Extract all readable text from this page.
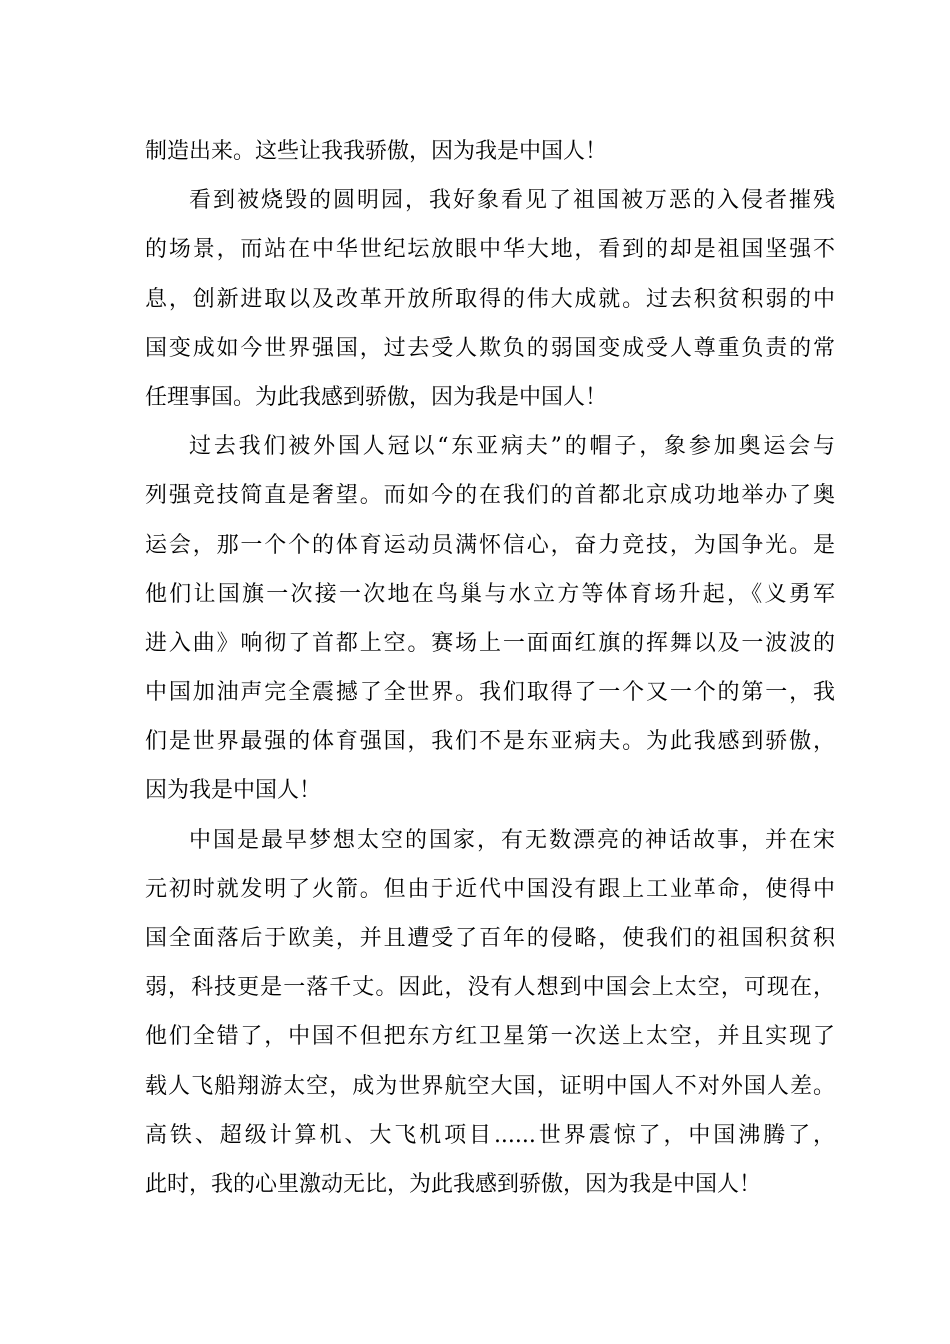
制造出来。这些让我我骄傲，因为我是中国人！
看到被烧毁的圆明园，我好象看见了祖国被万恶的入侵者摧残
的场景，而站在中华世纪坛放眼中华大地，看到的却是祖国坚强不
息，创新进取以及改革开放所取得的伟大成就。过去积贫积弱的中
国变成如今世界强国，过去受人欺负的弱国变成受人尊重负责的常
任理事国。为此我感到骄傲，因为我是中国人！
过去我们被外国人冠以“东亚病夫”的帽子，象参加奥运会与
列强竞技简直是奢望。而如今的在我们的首都北京成功地举办了奥
运会，那一个个的体育运动员满怀信心，奋力竞技，为国争光。是
他们让国旗一次接一次地在鸟巢与水立方等体育场升起，《义勇军
进入曲》响彻了首都上空。赛场上一面面红旗的挥舞以及一波波的
中国加油声完全震撼了全世界。我们取得了一个又一个的第一，我
们是世界最强的体育强国，我们不是东亚病夫。为此我感到骄傲，
因为我是中国人！
中国是最早梦想太空的国家，有无数漂亮的神话故事，并在宋
元初时就发明了火箭。但由于近代中国没有跟上工业革命，使得中
国全面落后于欧美，并且遭受了百年的侵略，使我们的祖国积贫积
弱，科技更是一落千丈。因此，没有人想到中国会上太空，可现在，
他们全错了，中国不但把东方红卫星第一次送上太空，并且实现了
载人飞船翔游太空，成为世界航空大国，证明中国人不对外国人差。
高铁、超级计算机、大飞机项目......世界震惊了，中国沸腾了，
此时，我的心里激动无比，为此我感到骄傲，因为我是中国人！
